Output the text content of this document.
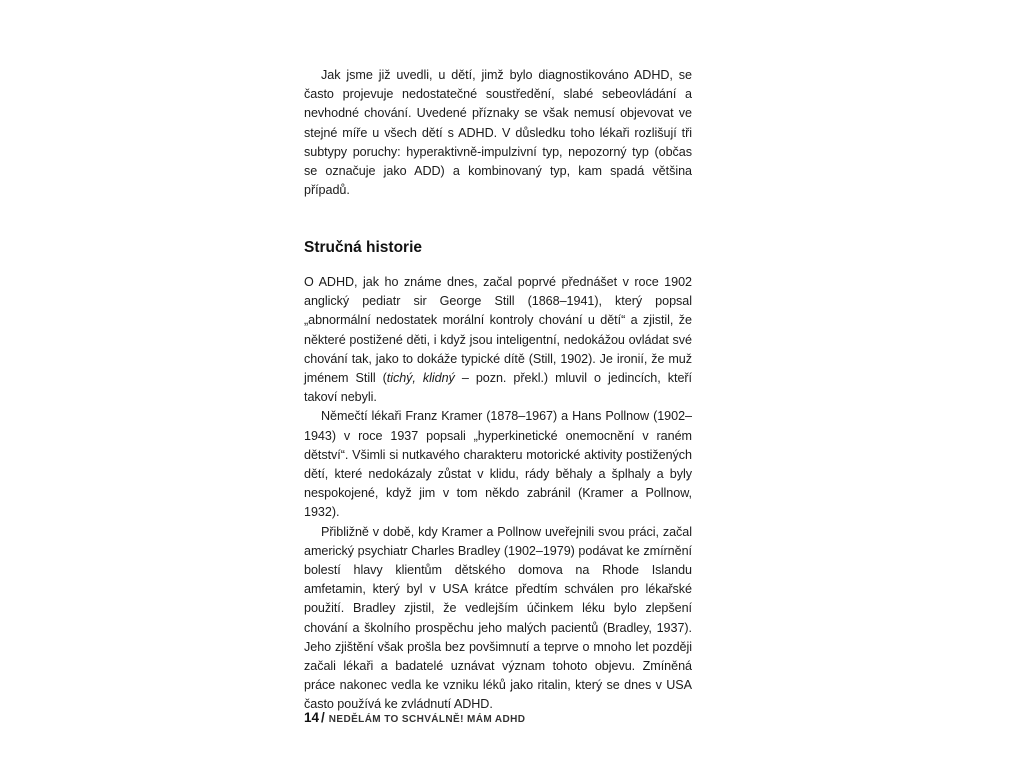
Jak jsme již uvedli, u dětí, jimž bylo diagnostikováno ADHD, se často projevuje nedostatečné soustředění, slabé sebeovládání a nevhodné chování. Uvedené příznaky se však nemusí objevovat ve stejné míře u všech dětí s ADHD. V důsledku toho lékaři rozlišují tři subtypy poruchy: hyperaktivně-impulzivní typ, nepozorný typ (občas se označuje jako ADD) a kombinovaný typ, kam spadá většina případů.

Stručná historie

O ADHD, jak ho známe dnes, začal poprvé přednášet v roce 1902 anglický pediatr sir George Still (1868–1941), který popsal „abnormální nedostatek morální kontroly chování u dětí“ a zjistil, že některé postižené děti, i když jsou inteligentní, nedokážou ovládat své chování tak, jako to dokáže typické dítě (Still, 1902). Je ironií, že muž jménem Still (tichý, klidný – pozn. překl.) mluvil o jedincích, kteří takoví nebyli.

Němečtí lékaři Franz Kramer (1878–1967) a Hans Pollnow (1902–1943) v roce 1937 popsali „hyperkinetické onemocnění v raném dětství“. Všimli si nutkavého charakteru motorické aktivity postižených dětí, které nedokázaly zůstat v klidu, rády běhaly a šplhaly a byly nespokojené, když jim v tom někdo zabránil (Kramer a Pollnow, 1932).

Přibližně v době, kdy Kramer a Pollnow uveřejnili svou práci, začal americký psychiatr Charles Bradley (1902–1979) podávat ke zmírnění bolestí hlavy klientům dětského domova na Rhode Islandu amfetamin, který byl v USA krátce předtím schválen pro lékařské použití. Bradley zjistil, že vedlejším účinkem léku bylo zlepšení chování a školního prospěchu jeho malých pacientů (Bradley, 1937). Jeho zjištění však prošla bez povšimnutí a teprve o mnoho let později začali lékaři a badatelé uznávat význam tohoto objevu. Zmíněná práce nakonec vedla ke vzniku léků jako ritalin, který se dnes v USA často používá ke zvládnutí ADHD.

14 / NEDĚLÁM TO SCHVÁLNĚ! MÁM ADHD
